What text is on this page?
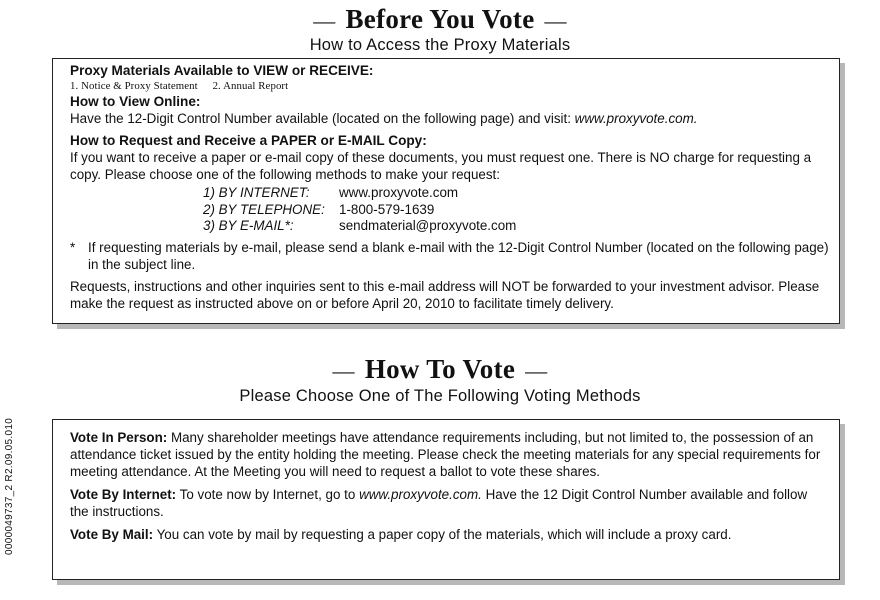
— Before You Vote —
How to Access the Proxy Materials
Proxy Materials Available to VIEW or RECEIVE:
1. Notice & Proxy Statement 2. Annual Report
How to View Online:

Have the 12-Digit Control Number available (located on the following page) and visit: www.proxyvote.com.

How to Request and Receive a PAPER or E-MAIL Copy:

If you want to receive a paper or e-mail copy of these documents, you must request one. There is NO charge for requesting a copy. Please choose one of the following methods to make your request:

1) BY INTERNET:	www.proxyvote.com
2) BY TELEPHONE:	1-800-579-1639
3) BY E-MAIL*:	sendmaterial@proxyvote.com
* If requesting materials by e-mail, please send a blank e-mail with the 12-Digit Control Number (located on the following page) in the subject line.

Requests, instructions and other inquiries sent to this e-mail address will NOT be forwarded to your investment advisor. Please make the request as instructed above on or before April 20, 2010 to facilitate timely delivery.

— How To Vote —
Please Choose One of The Following Voting Methods

Vote In Person: Many shareholder meetings have attendance requirements including, but not limited to, the possession of an attendance ticket issued by the entity holding the meeting. Please check the meeting materials for any special requirements for meeting attendance. At the Meeting you will need to request a ballot to vote these shares.

Vote By Internet: To vote now by Internet, go to www.proxyvote.com. Have the 12 Digit Control Number available and follow the instructions.

Vote By Mail: You can vote by mail by requesting a paper copy of the materials, which will include a proxy card.

0000049737_2 R2.09.05.010
